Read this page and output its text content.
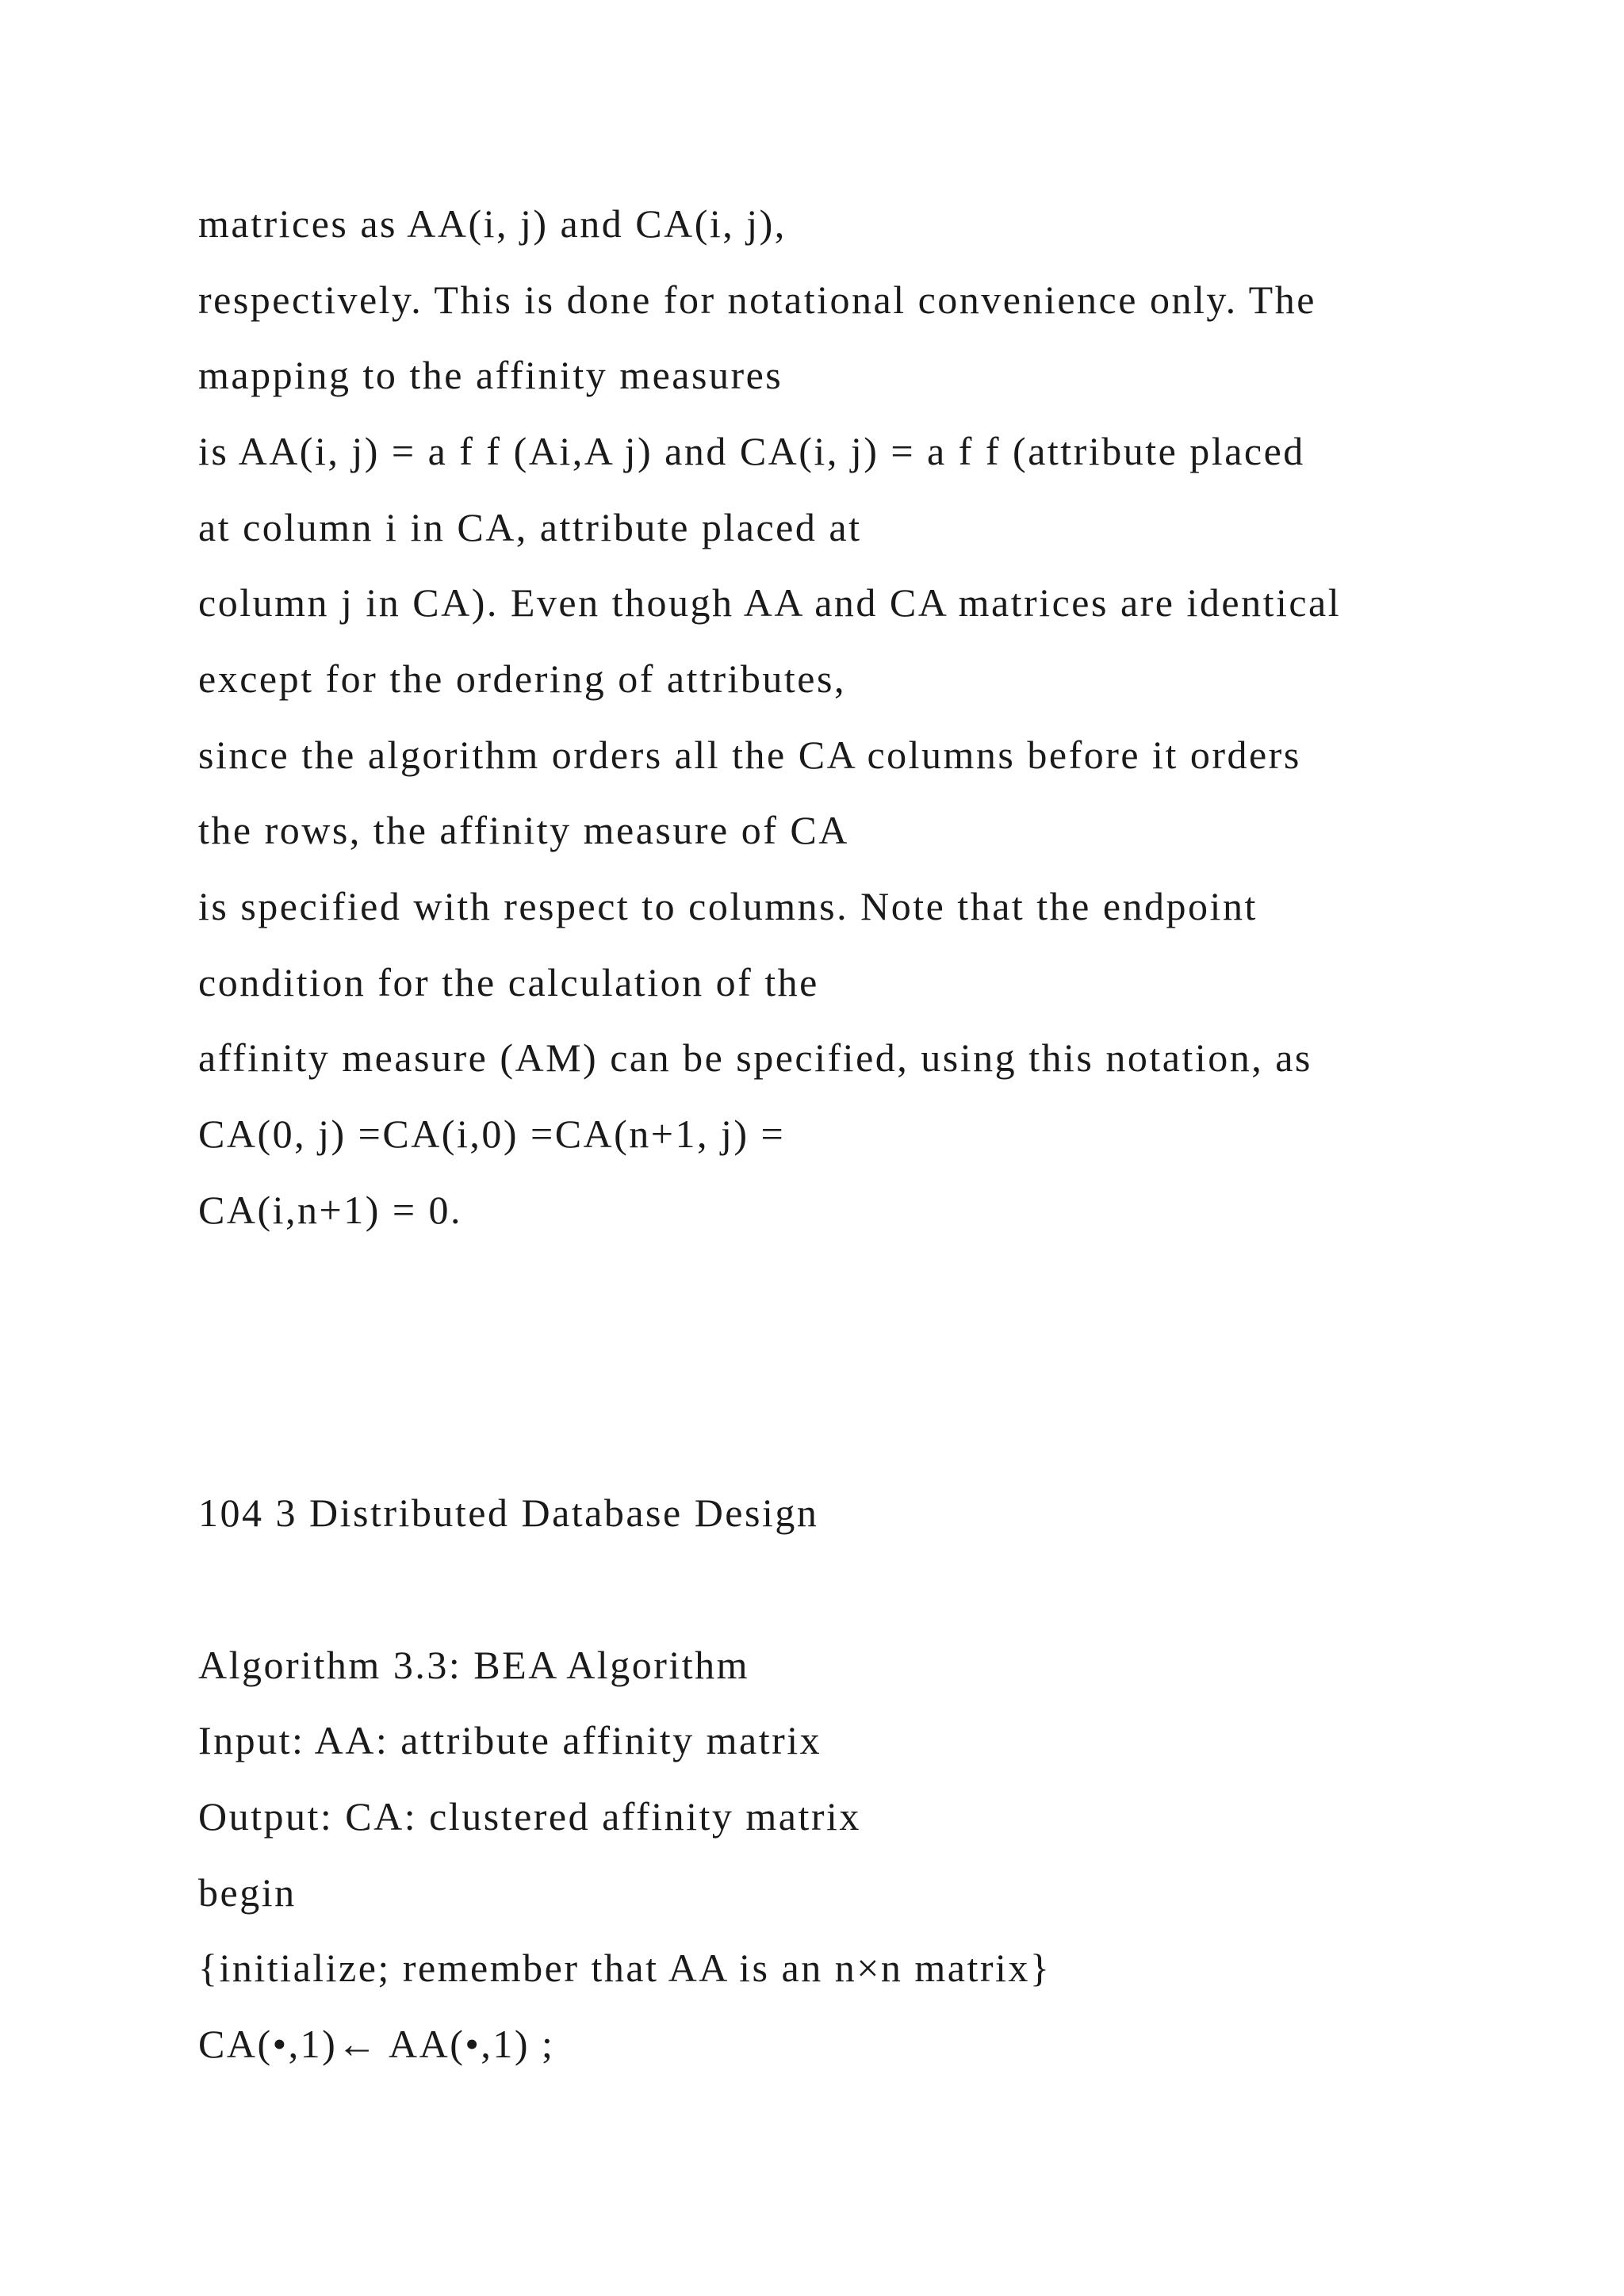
matrices as AA(i, j) and CA(i, j),
respectively. This is done for notational convenience only. The
mapping to the affinity measures
is AA(i, j) = a f f (Ai,A j) and CA(i, j) = a f f (attribute placed
at column i in CA, attribute placed at
column j in CA). Even though AA and CA matrices are identical
except for the ordering of attributes,
since the algorithm orders all the CA columns before it orders
the rows, the affinity measure of CA
is specified with respect to columns. Note that the endpoint
condition for the calculation of the
affinity measure (AM) can be specified, using this notation, as
CA(0, j) =CA(i,0) =CA(n+1, j) =
CA(i,n+1) = 0.
104 3 Distributed Database Design
Algorithm 3.3: BEA Algorithm
Input: AA: attribute affinity matrix
Output: CA: clustered affinity matrix
begin
{initialize; remember that AA is an n×n matrix}
CA(•,1)← AA(•,1) ;
